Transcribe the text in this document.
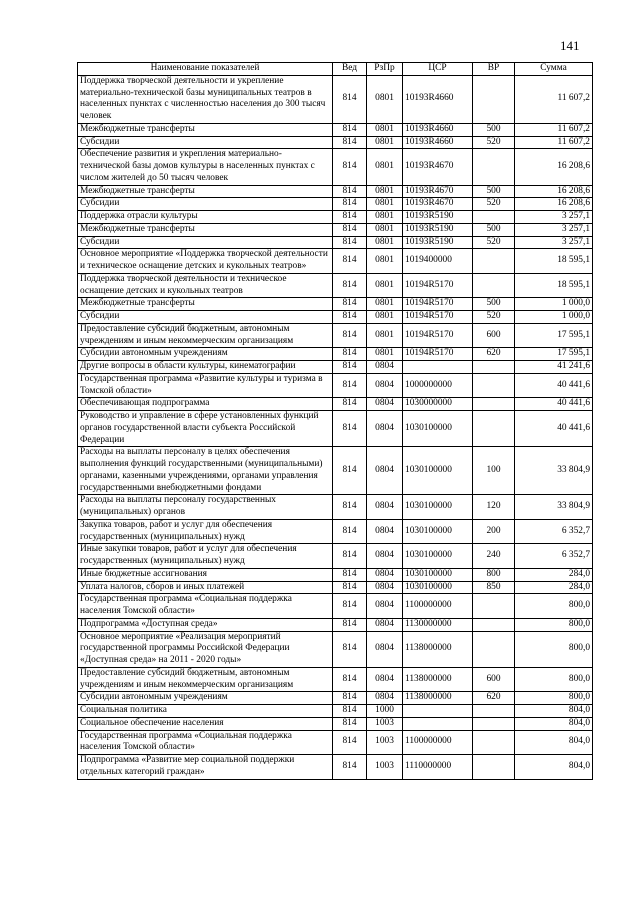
141
Наименование показателей	Вед	РзПр	ЦСР	ВР	Сумма
Поддержка творческой деятельности и укрепление материально-технической базы муниципальных театров в населенных пунктах с численностью населения до 300 тысяч человек	814	0801	10193R4660		11 607,2
Межбюджетные трансферты	814	0801	10193R4660	500	11 607,2
Субсидии	814	0801	10193R4660	520	11 607,2
Обеспечение развития и укрепления материально-технической базы домов культуры в населенных пунктах с числом жителей до 50 тысяч человек	814	0801	10193R4670		16 208,6
Межбюджетные трансферты	814	0801	10193R4670	500	16 208,6
Субсидии	814	0801	10193R4670	520	16 208,6
Поддержка отрасли культуры	814	0801	10193R5190		3 257,1
Межбюджетные трансферты	814	0801	10193R5190	500	3 257,1
Субсидии	814	0801	10193R5190	520	3 257,1
Основное мероприятие «Поддержка творческой деятельности и техническое оснащение детских и кукольных театров»	814	0801	1019400000		18 595,1
Поддержка творческой деятельности и техническое оснащение детских и кукольных театров	814	0801	10194R5170		18 595,1
Межбюджетные трансферты	814	0801	10194R5170	500	1 000,0
Субсидии	814	0801	10194R5170	520	1 000,0
Предоставление субсидий бюджетным, автономным учреждениям и иным некоммерческим организациям	814	0801	10194R5170	600	17 595,1
Субсидии автономным учреждениям	814	0801	10194R5170	620	17 595,1
Другие вопросы в области культуры, кинематографии	814	0804			41 241,6
Государственная программа «Развитие культуры и туризма в Томской области»	814	0804	1000000000		40 441,6
Обеспечивающая подпрограмма	814	0804	1030000000		40 441,6
Руководство и управление в сфере установленных функций органов государственной власти субъекта Российской Федерации	814	0804	1030100000		40 441,6
Расходы на выплаты персоналу в целях обеспечения выполнения функций государственными (муниципальными) органами, казенными учреждениями, органами управления государственными внебюджетными фондами	814	0804	1030100000	100	33 804,9
Расходы на выплаты персоналу государственных (муниципальных) органов	814	0804	1030100000	120	33 804,9
Закупка товаров, работ и услуг для обеспечения государственных (муниципальных) нужд	814	0804	1030100000	200	6 352,7
Иные закупки товаров, работ и услуг для обеспечения государственных (муниципальных) нужд	814	0804	1030100000	240	6 352,7
Иные бюджетные ассигнования	814	0804	1030100000	800	284,0
Уплата налогов, сборов и иных платежей	814	0804	1030100000	850	284,0
Государственная программа «Социальная поддержка населения Томской области»	814	0804	1100000000		800,0
Подпрограмма «Доступная среда»	814	0804	1130000000		800,0
Основное мероприятие «Реализация мероприятий государственной программы Российской Федерации «Доступная среда» на 2011 - 2020 годы»	814	0804	1138000000		800,0
Предоставление субсидий бюджетным, автономным учреждениям и иным некоммерческим организациям	814	0804	1138000000	600	800,0
Субсидии автономным учреждениям	814	0804	1138000000	620	800,0
Социальная политика	814	1000			804,0
Социальное обеспечение населения	814	1003			804,0
Государственная программа «Социальная поддержка населения Томской области»	814	1003	1100000000		804,0
Подпрограмма «Развитие мер социальной поддержки отдельных категорий граждан»	814	1003	1110000000		804,0
